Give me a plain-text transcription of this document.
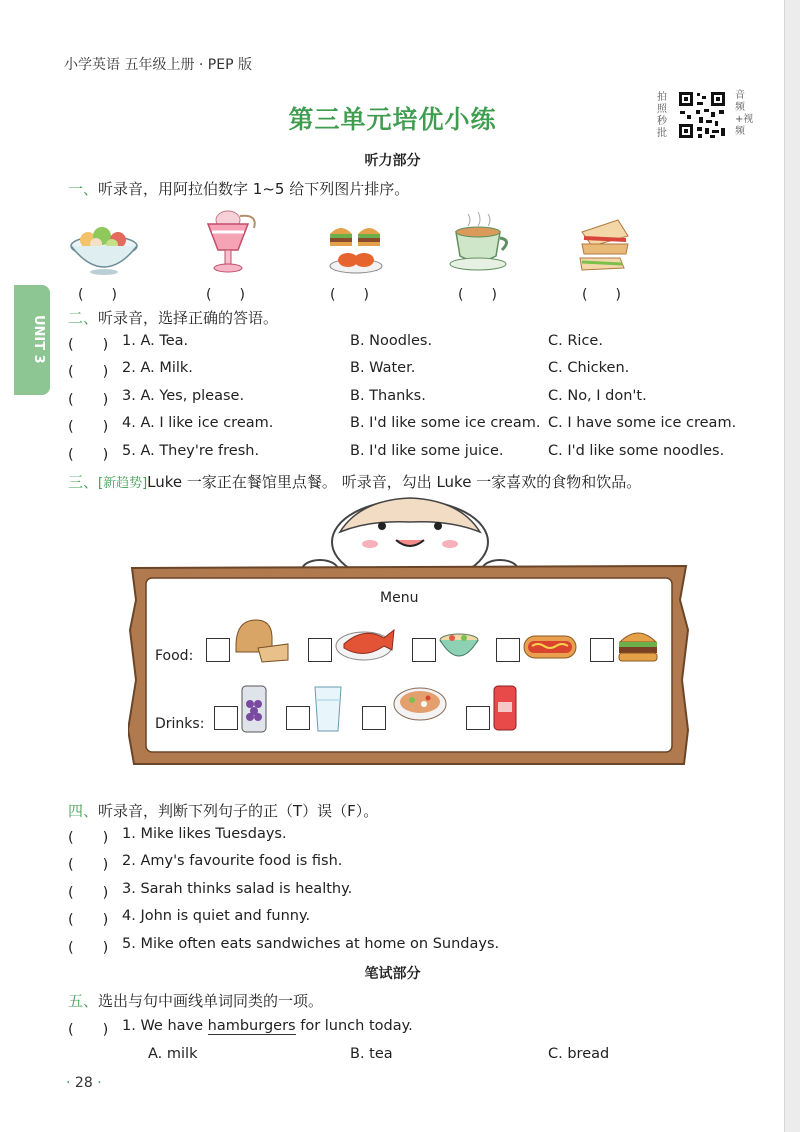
小学英语 五年级上册 · PEP 版
第三单元培优小练
拍照秒批
音频+视频
UNIT 3
听力部分
一、听录音，用阿拉伯数字 1~5 给下列图片排序。
(　　)	(　　)	(　　)	(　　)	(　　)
二、听录音，选择正确的答语。
(　　) 1. A. Tea.	B. Noodles.	C. Rice.
(　　) 2. A. Milk.	B. Water.	C. Chicken.
(　　) 3. A. Yes, please.	B. Thanks.	C. No, I don't.
(　　) 4. A. I like ice cream.	B. I'd like some ice cream. C. I have some ice cream.
(　　) 5. A. They're fresh.	B. I'd like some juice.	C. I'd like some noodles.
三、[新趋势]Luke 一家正在餐馆里点餐。 听录音，勾出 Luke 一家喜欢的食物和饮品。
Menu
Food:
Drinks:
四、听录音，判断下列句子的正（T）误（F）。
(　　) 1. Mike likes Tuesdays.
(　　) 2. Amy's favourite food is fish.
(　　) 3. Sarah thinks salad is healthy.
(　　) 4. John is quiet and funny.
(　　) 5. Mike often eats sandwiches at home on Sundays.
笔试部分
五、选出与句中画线单词同类的一项。
(　　) 1. We have hamburgers for lunch today.
A. milk	B. tea	C. bread
· 28 ·
